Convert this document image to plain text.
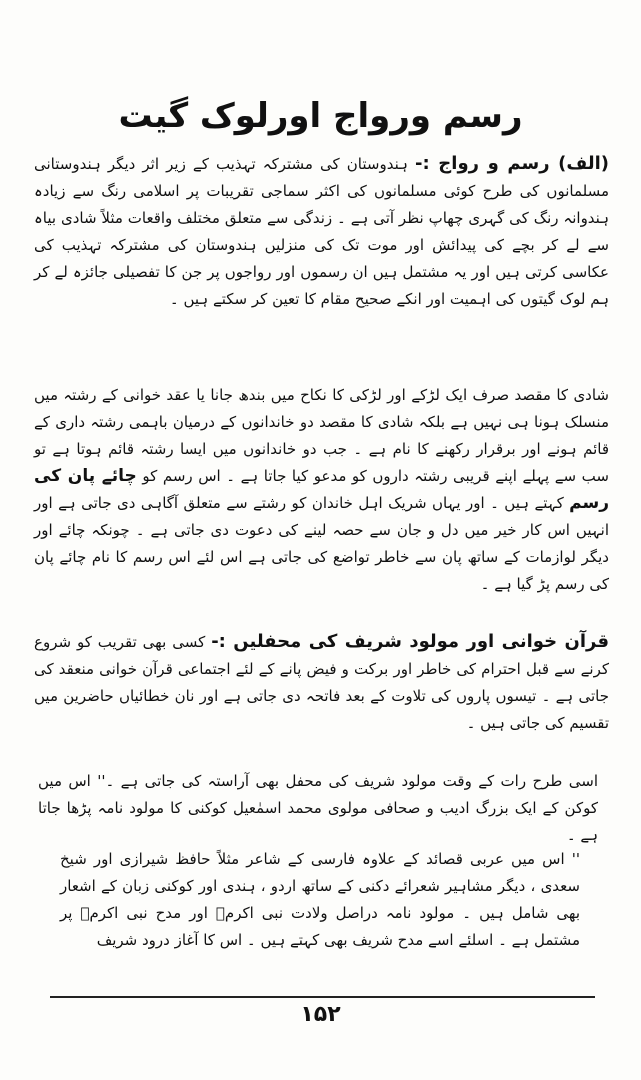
رسم ورواج اورلوک گیت
(الف) رسم و رواج :- ہندوستان کی مشترکہ تہذیب کے زیر اثر دیگر ہندوستانی مسلمانوں کی طرح کوئی مسلمانوں کی اکثر سماجی تقریبات پر اسلامی رنگ سے زیادہ ہندوانہ رنگ کی گہری چھاپ نظر آتی ہے ۔ زندگی سے متعلق مختلف واقعات مثلاً شادی بیاہ سے لے کر بچے کی پیدائش اور موت تک کی منزلیں ہندوستان کی مشترکہ تہذیب کی عکاسی کرتی ہیں اور یہ مشتمل ہیں ان رسموں اور رواجوں پر جن کا تفصیلی جائزہ لے کر ہم لوک گیتوں کی اہمیت اور انکے صحیح مقام کا تعین کر سکتے ہیں ۔
شادی کا مقصد صرف ایک لڑکے اور لڑکی کا نکاح میں بندھ جانا یا عقد خوانی کے رشتہ میں منسلک ہونا ہی نہیں ہے بلکہ شادی کا مقصد دو خاندانوں کے درمیان باہمی رشتہ داری کے قائم ہونے اور برقرار رکھنے کا نام ہے ۔ جب دو خاندانوں میں ایسا رشتہ قائم ہوتا ہے تو سب سے پہلے اپنے قریبی رشتہ داروں کو مدعو کیا جاتا ہے ۔ اس رسم کو چائے پان کی رسم کہتے ہیں ۔ اور یہاں شریک اہل خاندان کو رشتے سے متعلق آگاہی دی جاتی ہے اور انہیں اس کار خیر میں دل و جان سے حصہ لینے کی دعوت دی جاتی ہے ۔ چونکہ چائے اور دیگر لوازمات کے ساتھ پان سے خاطر تواضع کی جاتی ہے اس لئے اس رسم کا نام چائے پان کی رسم پڑ گیا ہے ۔
قرآن خوانی اور مولود شریف کی محفلیں :- کسی بھی تقریب کو شروع کرنے سے قبل احترام کی خاطر اور برکت و فیض پانے کے لئے اجتماعی قرآن خوانی منعقد کی جاتی ہے ۔ تیسوں پاروں کی تلاوت کے بعد فاتحہ دی جاتی ہے اور نان خطائیاں حاضرین میں تقسیم کی جاتی ہیں ۔
اسی طرح رات کے وقت مولود شریف کی محفل بھی آراستہ کی جاتی ہے ۔'' اس میں کوکن کے ایک بزرگ ادیب و صحافی مولوی محمد اسمٰعیل کوکنی کا مولود نامہ پڑھا جاتا ہے ۔
'' اس میں عربی قصائد کے علاوہ فارسی کے شاعر مثلاً حافظ شیرازی اور شیخ سعدی ، دیگر مشاہیر شعرائے دکنی کے ساتھ اردو ، ہندی اور کوکنی زبان کے اشعار بھی شامل ہیں ۔ مولود نامہ دراصل ولادت نبی اکرمؐ اور مدح نبی اکرمؐ پر مشتمل ہے ۔ اسلئے اسے مدح شریف بھی کہتے ہیں ۔ اس کا آغاز درود شریف
۱۵۲
